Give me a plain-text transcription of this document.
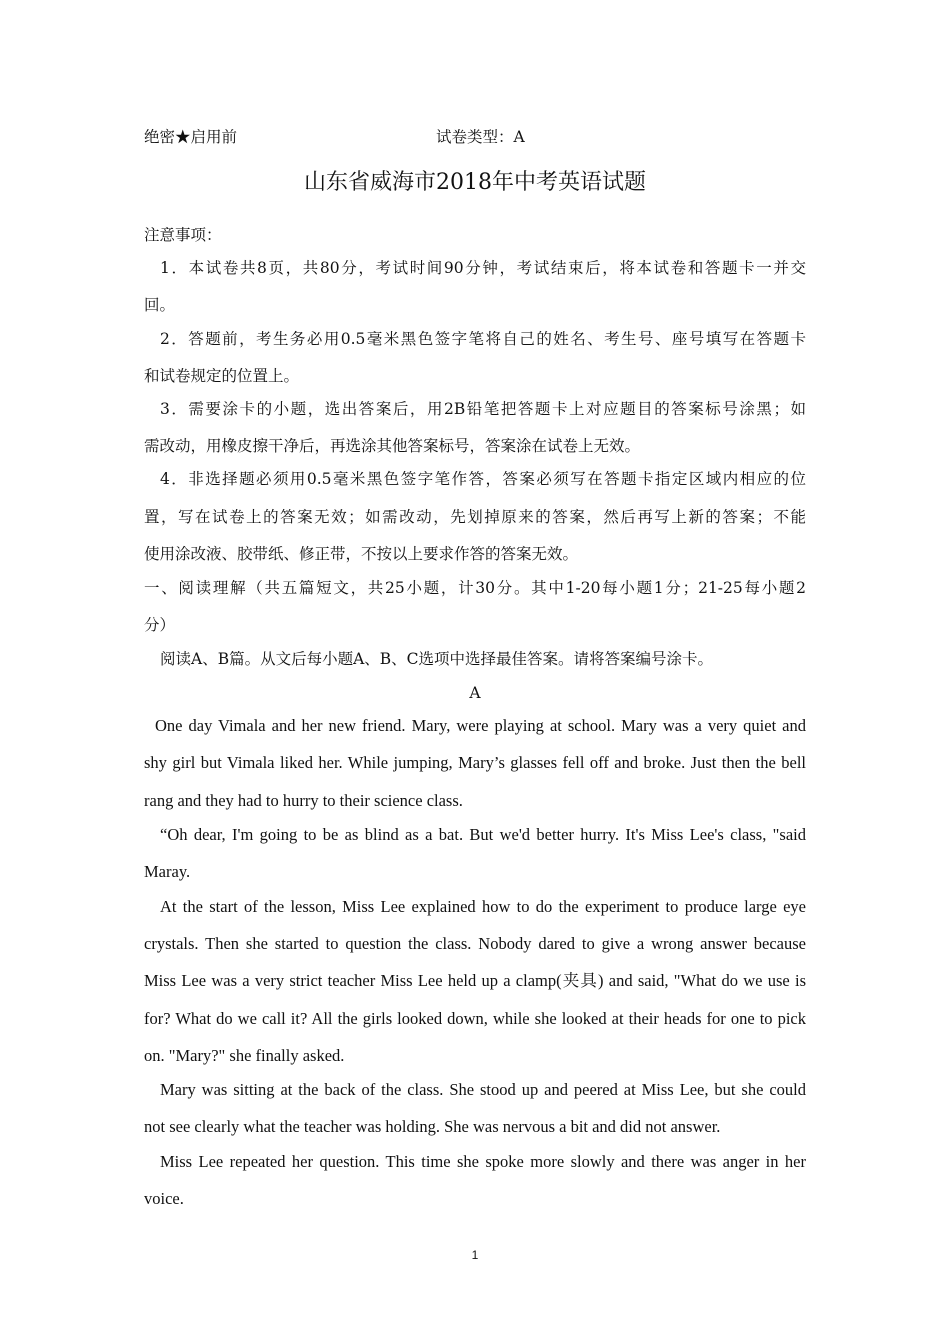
绝密★启用前	试卷类型：A
山东省威海市2018年中考英语试题
注意事项：
1．本试卷共8页，共80分，考试时间90分钟，考试结束后，将本试卷和答题卡一并交
回。
2．答题前，考生务必用0.5毫米黑色签字笔将自己的姓名、考生号、座号填写在答题卡
和试卷规定的位置上。
3．需要涂卡的小题，选出答案后，用2B铅笔把答题卡上对应题目的答案标号涂黑；如
需改动，用橡皮擦干净后，再选涂其他答案标号，答案涂在试卷上无效。
4．非选择题必须用0.5毫米黑色签字笔作答，答案必须写在答题卡指定区域内相应的位
置，写在试卷上的答案无效；如需改动，先划掉原来的答案，然后再写上新的答案；不能
使用涂改液、胶带纸、修正带，不按以上要求作答的答案无效。
一、阅读理解（共五篇短文，共25小题，计30分。其中1-20每小题1分；21-25每小题2
分）
阅读A、B篇。从文后每小题A、B、C选项中选择最佳答案。请将答案编号涂卡。
A
One day Vimala and her new friend. Mary, were playing at school. Mary was a very quiet and
shy girl but Vimala liked her. While jumping, Mary’s glasses fell off and broke. Just then the bell
rang and they had to hurry to their science class.
“Oh dear, I'm going to be as blind as a bat. But we'd better hurry. It's Miss Lee's class, "said
Maray.
At the start of the lesson, Miss Lee explained how to do the experiment to produce large eye
crystals. Then she started to question the class. Nobody dared to give a wrong answer because
Miss Lee was a very strict teacher Miss Lee held up a clamp(夹具) and said, "What do we use is
for? What do we call it? All the girls looked down, while she looked at their heads for one to pick
on. "Mary?" she finally asked.
Mary was sitting at the back of the class. She stood up and peered at Miss Lee, but she could
not see clearly what the teacher was holding. She was nervous a bit and did not answer.
Miss Lee repeated her question. This time she spoke more slowly and there was anger in her
voice.
1
